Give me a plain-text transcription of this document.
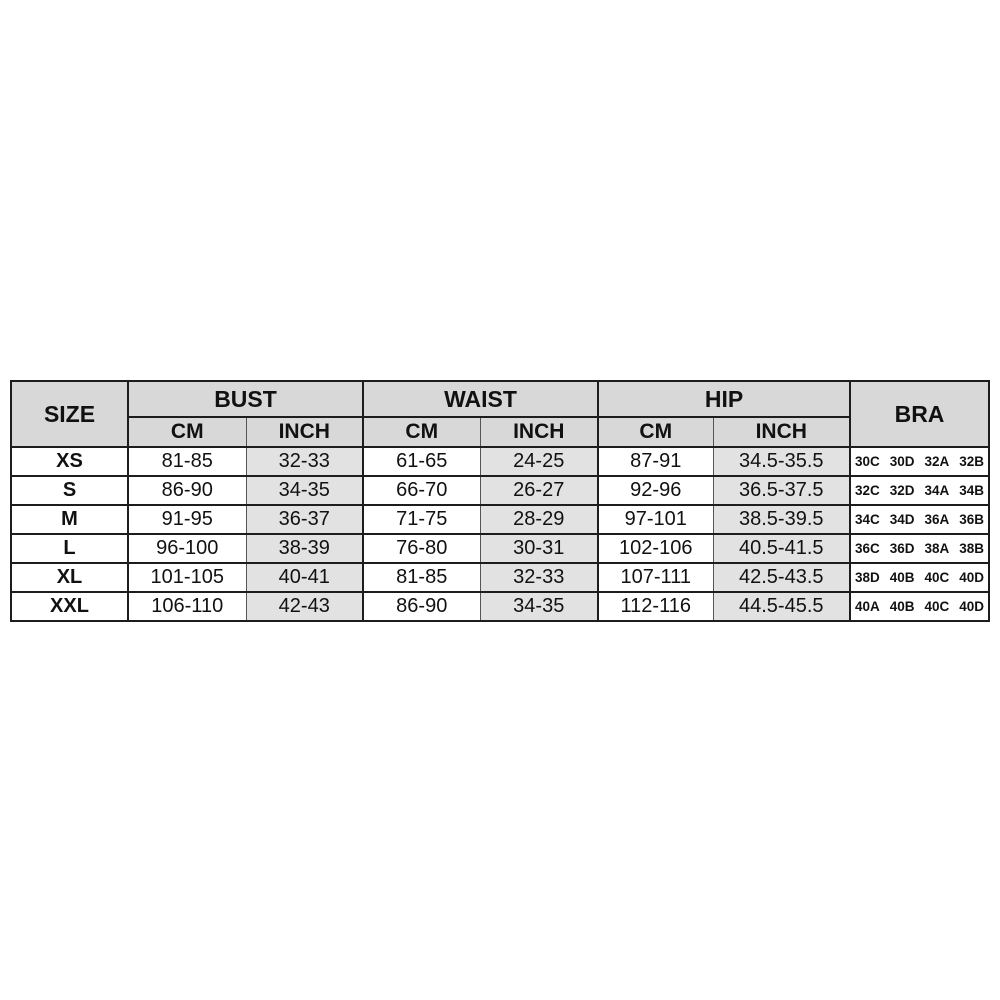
SIZE	BUST		WAIST		HIP		BRA
	CM	INCH	CM	INCH	CM	INCH	
XS	81-85	32-33	61-65	24-25	87-91	34.5-35.5	30C 30D 32A 32B

S	86-90	34-35	66-70	26-27	92-96	36.5-37.5	32C 32D 34A 34B

M	91-95	36-37	71-75	28-29	97-101	38.5-39.5	34C 34D 36A 36B

L	96-100	38-39	76-80	30-31	102-106	40.5-41.5	36C 36D 38A 38B

XL	101-105	40-41	81-85	32-33	107-111	42.5-43.5	38D 40B 40C 40D

XXL	106-110	42-43	86-90	34-35	112-116	44.5-45.5	40A 40B 40C 40D
